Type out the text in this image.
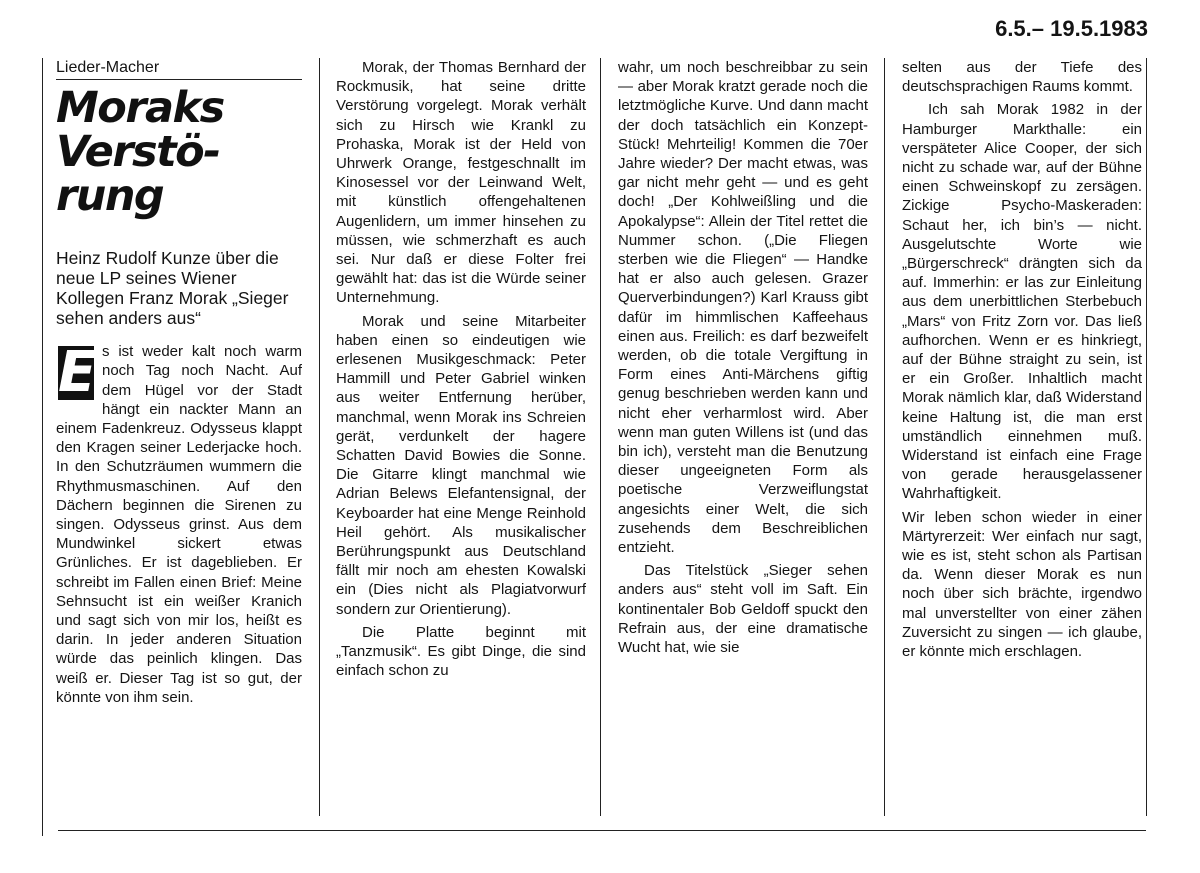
6.5.– 19.5.1983
Lieder-Macher
Moraks
Verstö-
rung
Heinz Rudolf Kunze über die neue LP seines Wiener Kollegen Franz Morak „Sieger sehen anders aus“
E s ist weder kalt noch warm noch Tag noch Nacht. Auf dem Hügel vor der Stadt hängt ein nackter Mann an einem Fadenkreuz. Odysseus klappt den Kragen seiner Lederjacke hoch. In den Schutzräumen wummern die Rhythmusmaschinen. Auf den Dächern beginnen die Sirenen zu singen. Odysseus grinst. Aus dem Mundwinkel sickert etwas Grünliches. Er ist dageblieben. Er schreibt im Fallen einen Brief: Meine Sehnsucht ist ein weißer Kranich und sagt sich von mir los, heißt es darin. In jeder anderen Situation würde das peinlich klingen. Das weiß er. Dieser Tag ist so gut, der könnte von ihm sein.

Morak, der Thomas Bernhard der Rockmusik, hat seine dritte Verstörung vorgelegt. Morak verhält sich zu Hirsch wie Krankl zu Prohaska, Morak ist der Held von Uhrwerk Orange, festgeschnallt im Kinosessel vor der Leinwand Welt, mit künstlich offengehaltenen Augenlidern, um immer hinsehen zu müssen, wie schmerzhaft es auch sei. Nur daß er diese Folter frei gewählt hat: das ist die Würde seiner Unternehmung.

Morak und seine Mitarbeiter haben einen so eindeutigen wie erlesenen Musikgeschmack: Peter Hammill und Peter Gabriel winken aus weiter Entfernung herüber, manchmal, wenn Morak ins Schreien gerät, verdunkelt der hagere Schatten David Bowies die Sonne. Die Gitarre klingt manchmal wie Adrian Belews Elefantensignal, der Keyboarder hat eine Menge Reinhold Heil gehört. Als musikalischer Berührungspunkt aus Deutschland fällt mir noch am ehesten Kowalski ein (Dies nicht als Plagiatvorwurf sondern zur Orientierung).

Die Platte beginnt mit „Tanzmusik“. Es gibt Dinge, die sind einfach schon zu

wahr, um noch beschreibbar zu sein — aber Morak kratzt gerade noch die letztmögliche Kurve. Und dann macht der doch tatsächlich ein Konzept-Stück! Mehrteilig! Kommen die 70er Jahre wieder? Der macht etwas, was gar nicht mehr geht — und es geht doch! „Der Kohlweißling und die Apokalypse“: Allein der Titel rettet die Nummer schon. („Die Fliegen sterben wie die Fliegen“ — Handke hat er also auch gelesen. Grazer Querverbindungen?) Karl Krauss gibt dafür im himmlischen Kaffeehaus einen aus. Freilich: es darf bezweifelt werden, ob die totale Vergiftung in Form eines Anti-Märchens giftig genug beschrieben werden kann und nicht eher verharmlost wird. Aber wenn man guten Willens ist (und das bin ich), versteht man die Benutzung dieser ungeeigneten Form als poetische Verzweiflungstat angesichts einer Welt, die sich zusehends dem Beschreiblichen entzieht.

Das Titelstück „Sieger sehen anders aus“ steht voll im Saft. Ein kontinentaler Bob Geldoff spuckt den Refrain aus, der eine dramatische Wucht hat, wie sie

selten aus der Tiefe des deutschsprachigen Raums kommt.

Ich sah Morak 1982 in der Hamburger Markthalle: ein verspäteter Alice Cooper, der sich nicht zu schade war, auf der Bühne einen Schweinskopf zu zersägen. Zickige Psycho-Maskeraden: Schaut her, ich bin’s — nicht. Ausgelutschte Worte wie „Bürgerschreck“ drängten sich da auf. Immerhin: er las zur Einleitung aus dem unerbittlichen Sterbebuch „Mars“ von Fritz Zorn vor. Das ließ aufhorchen. Wenn er es hinkriegt, auf der Bühne straight zu sein, ist er ein Großer. Inhaltlich macht Morak nämlich klar, daß Widerstand keine Haltung ist, die man erst umständlich einnehmen muß. Widerstand ist einfach eine Frage von gerade herausgelassener Wahrhaftigkeit.

Wir leben schon wieder in einer Märtyrerzeit: Wer einfach nur sagt, wie es ist, steht schon als Partisan da. Wenn dieser Morak es nun noch über sich brächte, irgendwo mal unverstellter von einer zähen Zuversicht zu singen — ich glaube, er könnte mich erschlagen.
